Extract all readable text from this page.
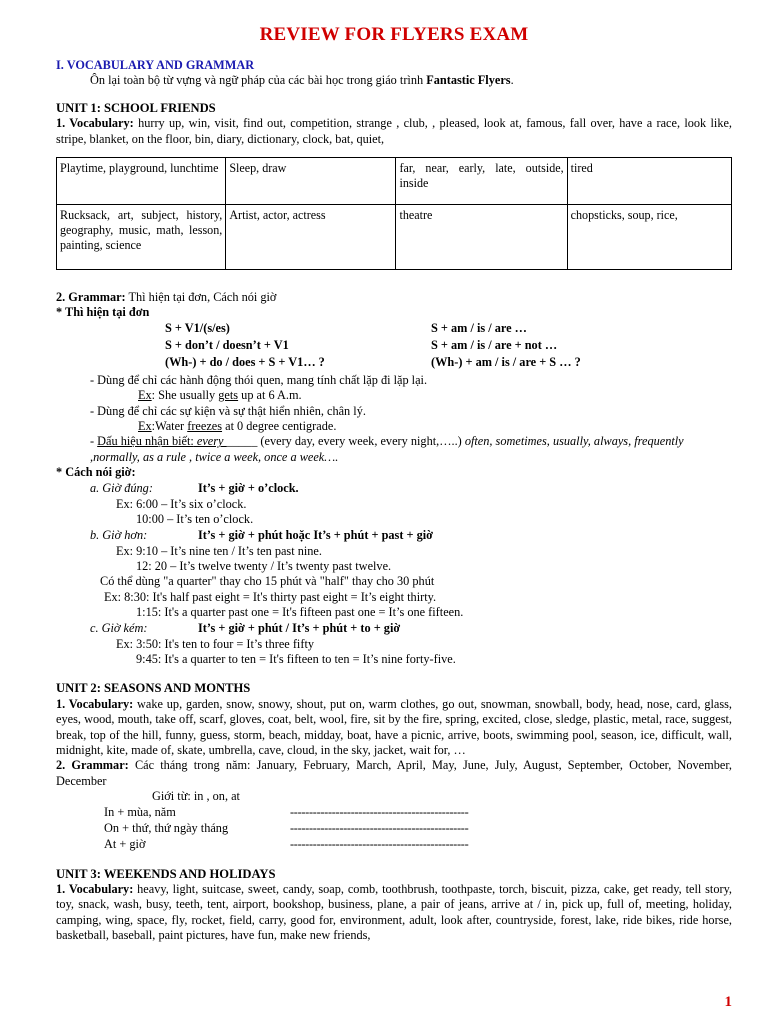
REVIEW FOR FLYERS EXAM
I. VOCABULARY AND GRAMMAR
Ôn lại toàn bộ từ vựng và ngữ pháp của các bài học trong giáo trình Fantastic Flyers.
UNIT 1: SCHOOL FRIENDS
1. Vocabulary: hurry up, win, visit, find out, competition, strange , club, , pleased, look at, famous, fall over, have a race, look like, stripe, blanket, on the floor, bin, diary, dictionary, clock, bat, quiet,
Playtime, playground, lunchtime	Sleep, draw	far, near, early, late, outside, inside	tired
Rucksack, art, subject, history, geography, music, math, lesson, painting, science	Artist, actor, actress	theatre	chopsticks, soup, rice,
2. Grammar: Thì hiện tại đơn, Cách nói giờ
* Thì hiện tại đơn
S + V1/(s/es)	S + am / is / are …
S + don’t / doesn’t + V1	S + am / is / are + not …
(Wh-) + do / does + S + V1… ?	(Wh-) + am / is / are + S … ?
- Dùng để chỉ các hành động thói quen, mang tính chất lặp đi lặp lại.
Ex: She usually gets up at 6 A.m.
- Dùng để chỉ các sự kiện và sự thật hiển nhiên, chân lý.
Ex:Water freezes at 0 degree centigrade.
- Dấu hiệu nhận biết: every _____ (every day, every week, every night,…..) often, sometimes, usually, always, frequently ,normally, as a rule , twice a week, once a week….
* Cách nói giờ:
a. Giờ đúng:	It’s + giờ + o’clock.
Ex: 6:00 – It’s six o’clock.
10:00 – It’s ten o’clock.
b. Giờ hơn:	It’s + giờ + phút hoặc It’s + phút + past + giờ
Ex: 9:10 – It’s nine ten / It’s ten past nine.
12: 20 – It’s twelve twenty / It’s twenty past twelve.
Có thể dùng "a quarter" thay cho 15 phút và "half" thay cho 30 phút
Ex: 8:30: It's half past eight = It's thirty past eight = It’s eight thirty.
1:15: It's a quarter past one = It's fifteen past one = It’s one fifteen.
c. Giờ kém:	It’s + giờ + phút / It’s + phút + to + giờ
Ex: 3:50: It's ten to four = It’s three fifty
9:45: It's a quarter to ten = It's fifteen to ten = It’s nine forty-five.
UNIT 2: SEASONS AND MONTHS
1. Vocabulary: wake up, garden, snow, snowy, shout, put on, warm clothes, go out, snowman, snowball, body, head, nose, card, glass, eyes, wood, mouth, take off, scarf, gloves, coat, belt, wool, fire, sit by the fire, spring, excited, close, sledge, plastic, metal, race, suggest, break, top of the hill, funny, guess, storm, beach, midday, boat, have a picnic, arrive, boots, swimming pool, season, ice, difficult, wall, midnight, kite, made of, skate, umbrella, cave, cloud, in the sky, jacket, wait for, …
2. Grammar: Các tháng trong năm: January, February, March, April, May, June, July, August, September, October, November, December
Giới từ: in , on, at
In + mùa, năm	-----------------------------------------------
On + thứ, thứ ngày tháng	-----------------------------------------------
At + giờ	-----------------------------------------------
UNIT 3: WEEKENDS AND HOLIDAYS
1. Vocabulary: heavy, light, suitcase, sweet, candy, soap, comb, toothbrush, toothpaste, torch, biscuit, pizza, cake, get ready, tell story, toy, snack, wash, busy, teeth, tent, airport, bookshop, business, plane, a pair of jeans, arrive at / in, pick up, full of, meeting, holiday, camping, wing, space, fly, rocket, field, carry, good for, environment, adult, look after, countryside, forest, lake, ride bikes, ride horse, basketball, baseball, paint pictures, have fun, make new friends,
1
